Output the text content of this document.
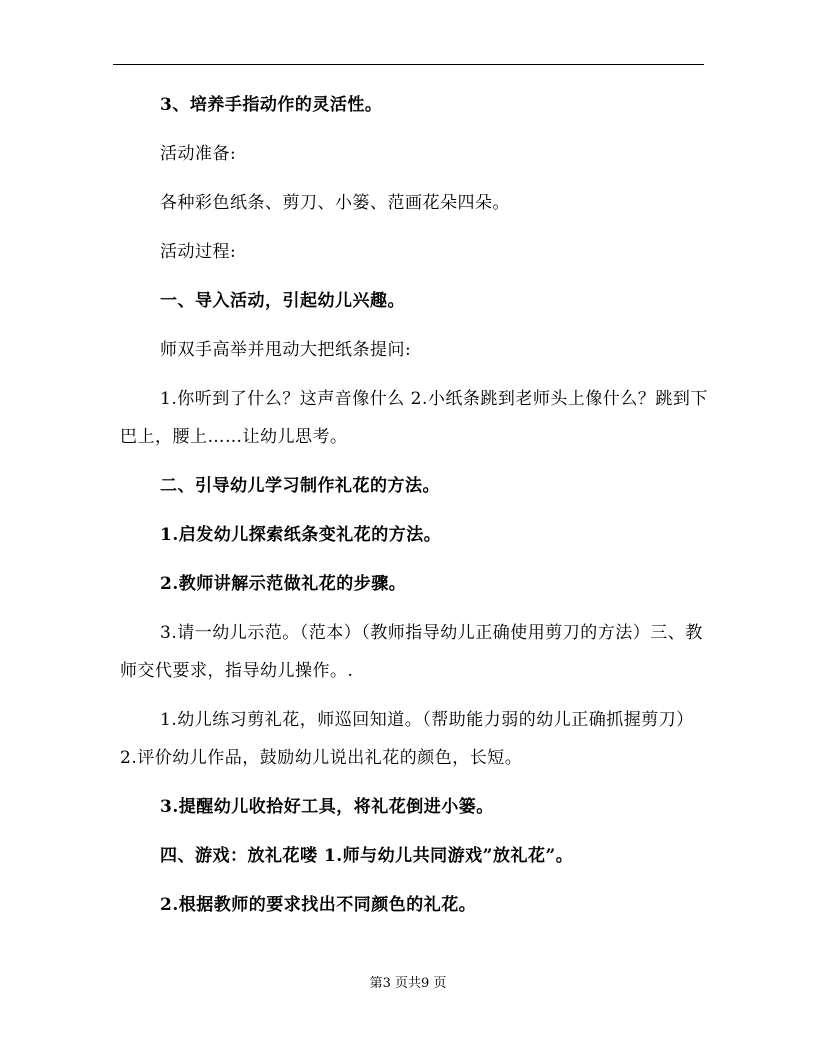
3、培养手指动作的灵活性。

活动准备:

各种彩色纸条、剪刀、小篓、范画花朵四朵。

活动过程:

一、导入活动，引起幼儿兴趣。

师双手高举并甩动大把纸条提问:

1.你听到了什么？这声音像什么 2.小纸条跳到老师头上像什么？跳到下巴上，腰上……让幼儿思考。

二、引导幼儿学习制作礼花的方法。

1.启发幼儿探索纸条变礼花的方法。

2.教师讲解示范做礼花的步骤。

3.请一幼儿示范。（范本）（教师指导幼儿正确使用剪刀的方法）三、教师交代要求，指导幼儿操作。.

1.幼儿练习剪礼花，师巡回知道。（帮助能力弱的幼儿正确抓握剪刀）2.评价幼儿作品，鼓励幼儿说出礼花的颜色，长短。

3.提醒幼儿收拾好工具，将礼花倒进小篓。

四、游戏：放礼花喽 1.师与幼儿共同游戏”放礼花”。

2.根据教师的要求找出不同颜色的礼花。

第3 页共9 页
